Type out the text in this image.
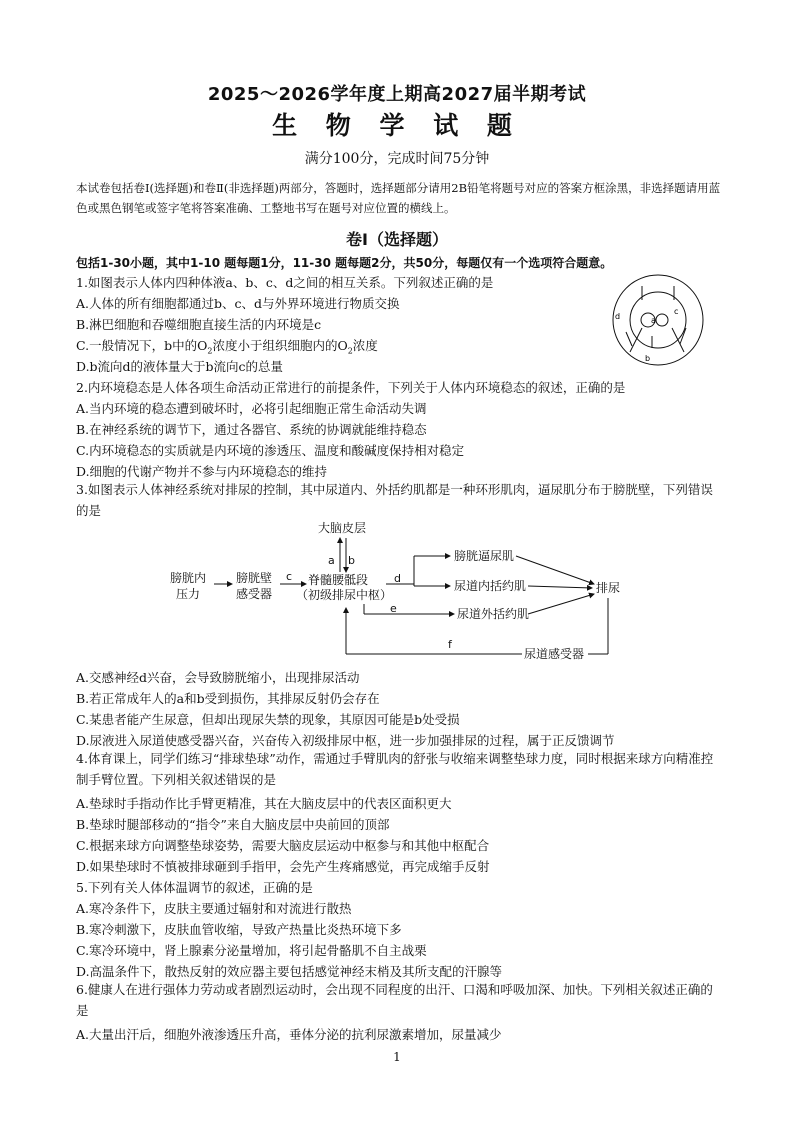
2025～2026学年度上期高2027届半期考试
生 物 学 试 题
满分100分，完成时间75分钟
本试卷包括卷Ⅰ(选择题)和卷Ⅱ(非选择题)两部分，答题时，选择题部分请用2B铅笔将题号对应的答案方框涂黑，非选择题请用蓝色或黑色钢笔或签字笔将答案准确、工整地书写在题号对应位置的横线上。
卷Ⅰ（选择题）
包括1-30小题，其中1-10 题每题1分，11-30 题每题2分，共50分，每题仅有一个选项符合题意。
1.如图表示人体内四种体液a、b、c、d之间的相互关系。下列叙述正确的是
A.人体的所有细胞都通过b、c、d与外界环境进行物质交换
B.淋巴细胞和吞噬细胞直接生活的内环境是c
C.一般情况下，b中的$O_2$浓度小于组织细胞内的$O_2$浓度
D.b流向d的液体量大于b流向c的总量
a
b
c
d
2.内环境稳态是人体各项生命活动正常进行的前提条件，下列关于人体内环境稳态的叙述，正确的是
A.当内环境的稳态遭到破坏时，必将引起细胞正常生命活动失调
B.在神经系统的调节下，通过各器官、系统的协调就能维持稳态
C.内环境稳态的实质就是内环境的渗透压、温度和酸碱度保持相对稳定
D.细胞的代谢产物并不参与内环境稳态的维持
3.如图表示人体神经系统对排尿的控制，其中尿道内、外括约肌都是一种环形肌肉，逼尿肌分布于膀胱壁，下列错误的是
大脑皮层
膀胱内
压力
膀胱壁
感受器
脊髓腰骶段
（初级排尿中枢）
膀胱逼尿肌
尿道内括约肌
尿道外括约肌
排尿
尿道感受器
a b
c	d
e
f
A.交感神经d兴奋，会导致膀胱缩小，出现排尿活动
B.若正常成年人的a和b受到损伤，其排尿反射仍会存在
C.某患者能产生尿意，但却出现尿失禁的现象，其原因可能是b处受损
D.尿液进入尿道使感受器兴奋，兴奋传入初级排尿中枢，进一步加强排尿的过程，属于正反馈调节
4.体育课上，同学们练习“排球垫球”动作，需通过手臂肌肉的舒张与收缩来调整垫球力度，同时根据来球方向精准控制手臂位置。下列相关叙述错误的是
A.垫球时手指动作比手臂更精准，其在大脑皮层中的代表区面积更大
B.垫球时腿部移动的“指令”来自大脑皮层中央前回的顶部
C.根据来球方向调整垫球姿势，需要大脑皮层运动中枢参与和其他中枢配合
D.如果垫球时不慎被排球砸到手指甲，会先产生疼痛感觉，再完成缩手反射
5.下列有关人体体温调节的叙述，正确的是
A.寒冷条件下，皮肤主要通过辐射和对流进行散热
B.寒冷刺激下，皮肤血管收缩，导致产热量比炎热环境下多
C.寒冷环境中，肾上腺素分泌量增加，将引起骨骼肌不自主战栗
D.高温条件下，散热反射的效应器主要包括感觉神经末梢及其所支配的汗腺等
6.健康人在进行强体力劳动或者剧烈运动时，会出现不同程度的出汗、口渴和呼吸加深、加快。下列相关叙述正确的是
A.大量出汗后，细胞外液渗透压升高，垂体分泌的抗利尿激素增加，尿量减少
1
